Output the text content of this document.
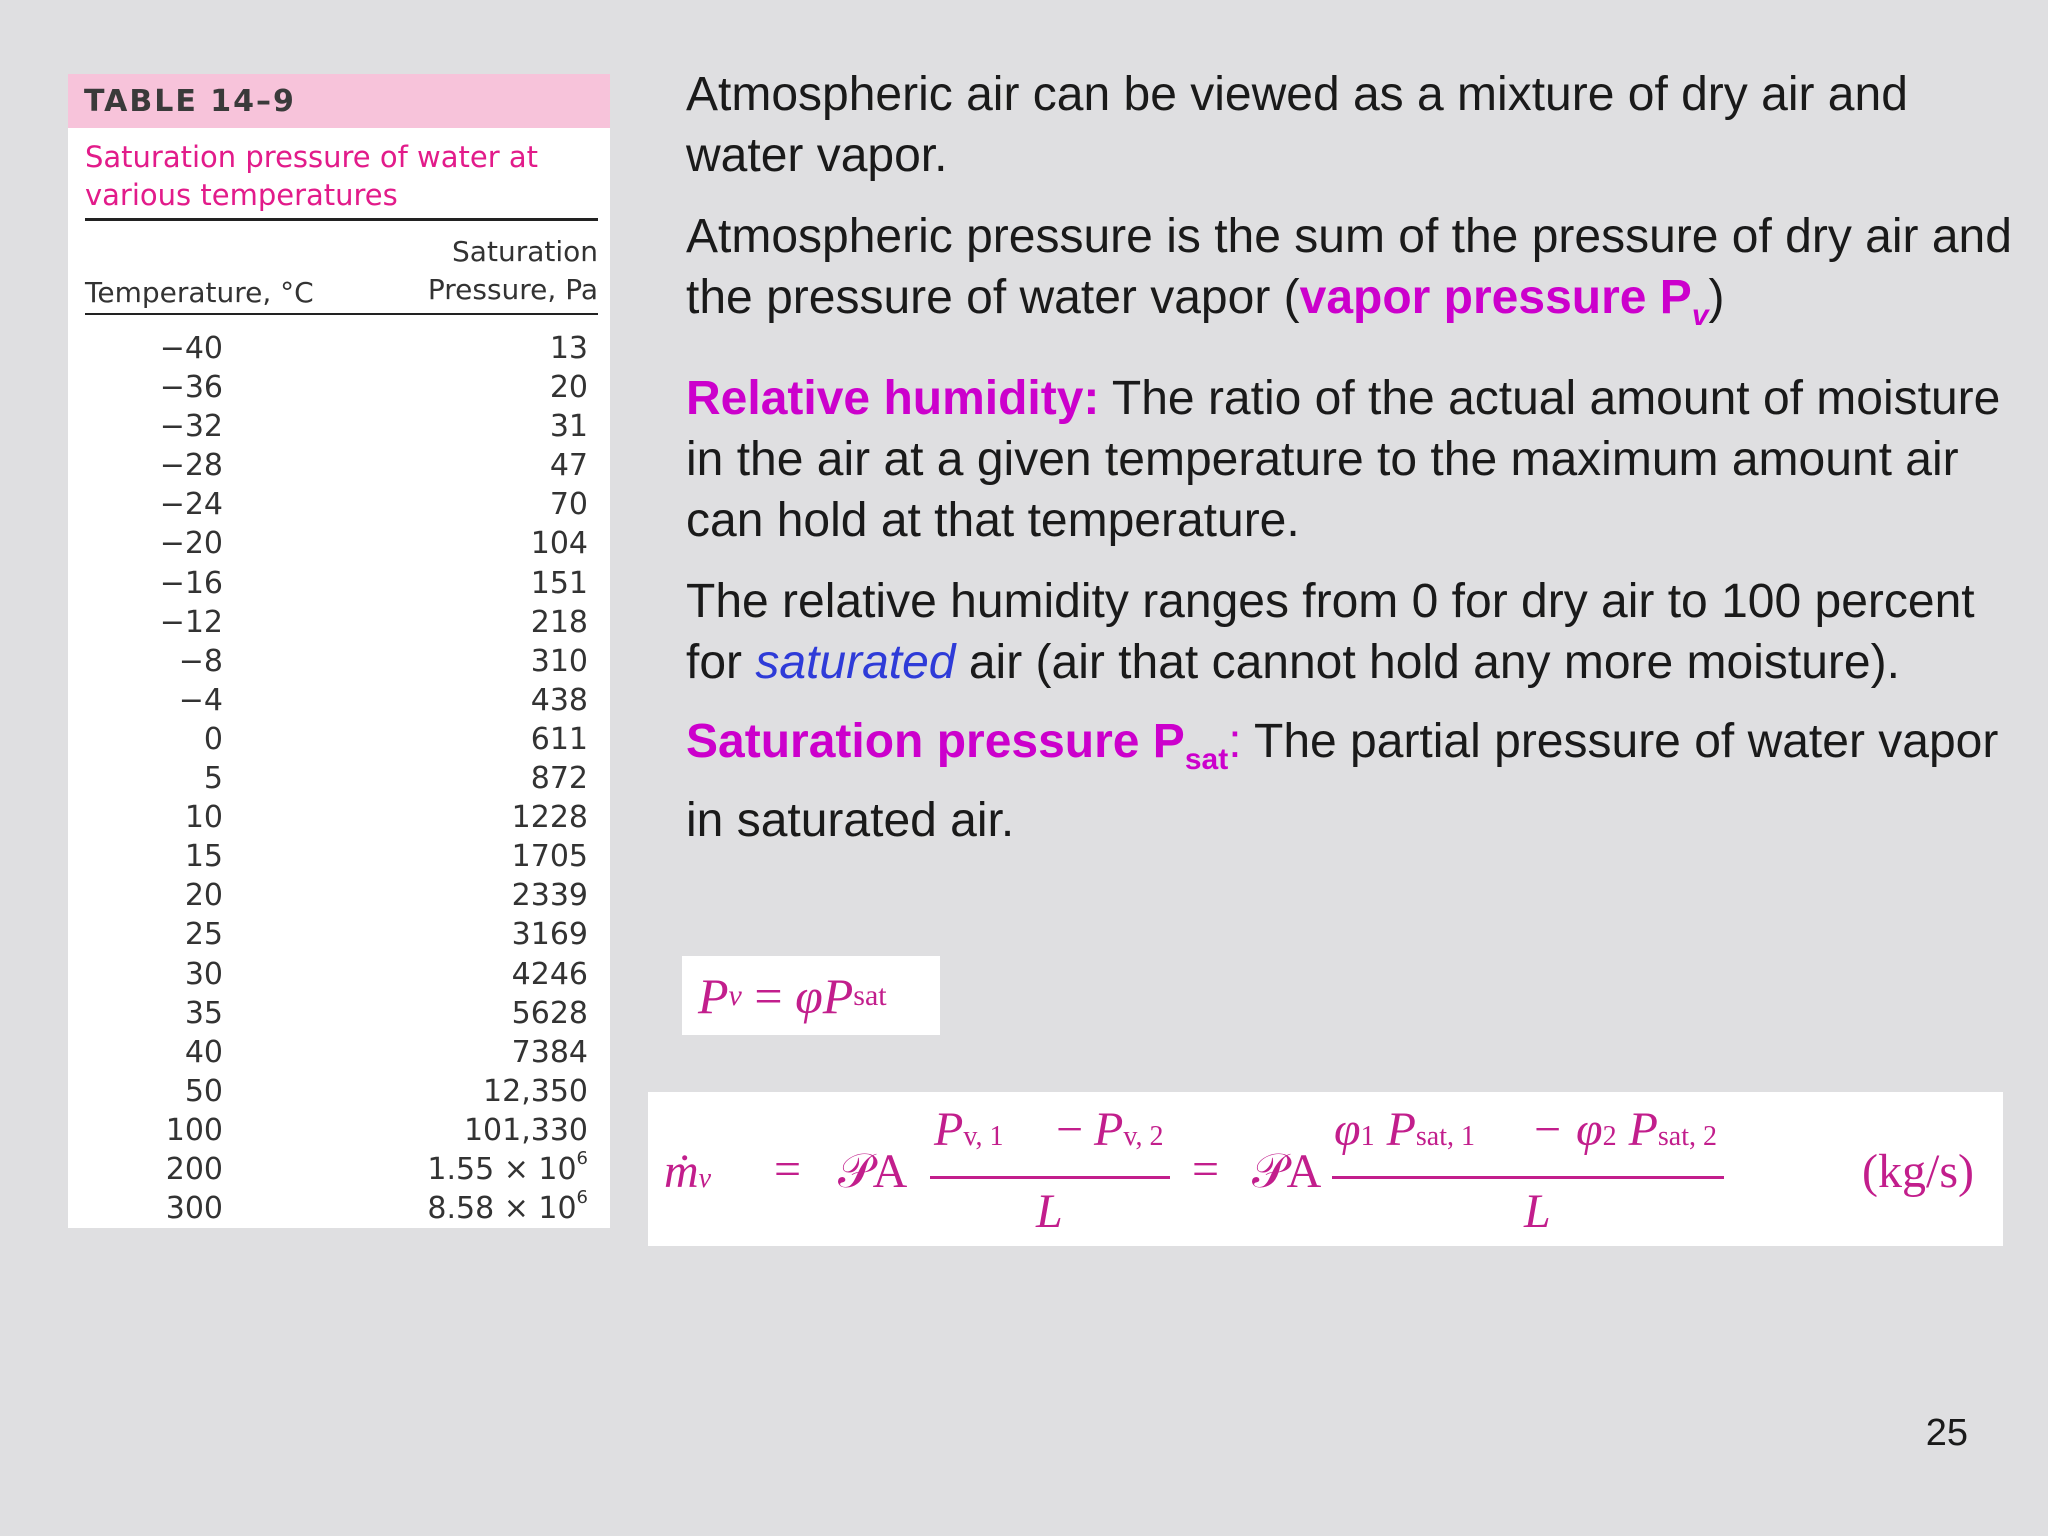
TABLE 14–9
Saturation pressure of water at
various temperatures
Temperature, °C
Saturation
Pressure, Pa
−40	13
−36	20
−32	31
−28	47
−24	70
−20	104
−16	151
−12	218
−8	310
−4	438
0	611
5	872
10	1228
15	1705
20	2339
25	3169
30	4246
35	5628
40	7384
50	12,350
100	101,330
200	$1.55 \times 10^6$
300	$8.58 \times 10^6$

Atmospheric air can be viewed as a mixture of dry air and water vapor.

Atmospheric pressure is the sum of the pressure of dry air and the pressure of water vapor (vapor pressure $P_v$)

Relative humidity: The ratio of the actual amount of moisture in the air at a given temperature to the maximum amount air can hold at that temperature.

The relative humidity ranges from 0 for dry air to 100 percent for saturated air (air that cannot hold any more moisture).

Saturation pressure $P_{sat}$: The partial pressure of water vapor in saturated air.

P v = φP sat
ṁv = 𝒫A
Pv, 1 − Pv, 2
L
= 𝒫A
φ1 Psat, 1 − φ2 Psat, 2
L
(kg/s)
25
